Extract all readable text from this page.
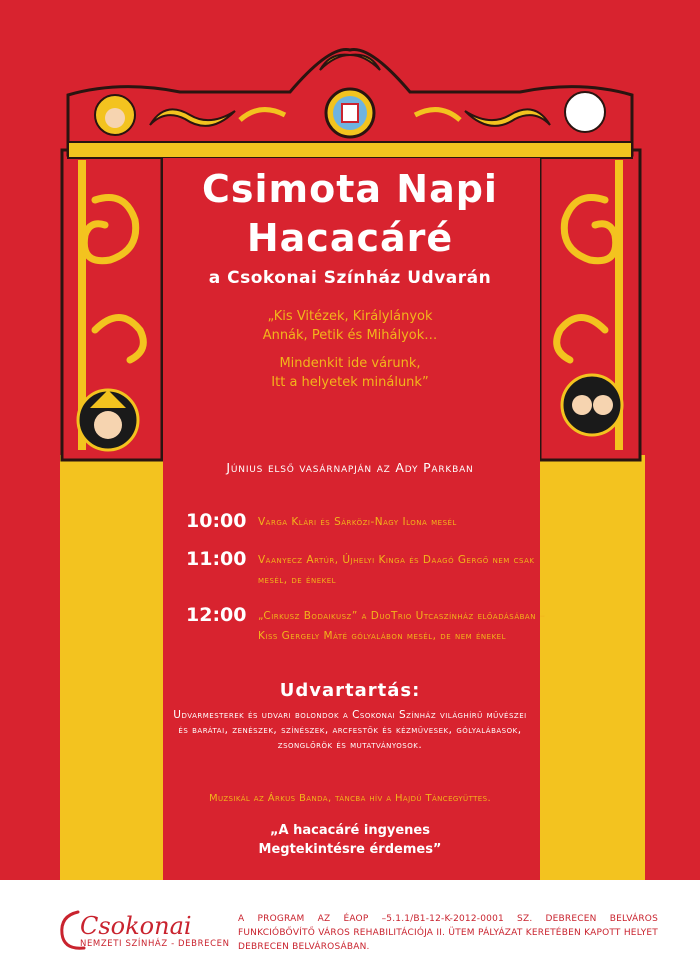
Csimota Napi
Hacacáré
a Csokonai Színház Udvarán
„Kis Vitézek, Királylányok
Annák, Petik és Mihályok…
Mindenkit ide várunk,
Itt a helyetek minálunk”
Június első vasárnapján az Ady Parkban
10:00 Varga Klári és Sárközi-Nagy Ilona mesél
11:00 Vaanyecz Artúr, Újhelyi Kinga és Daagó Gergő nem csak mesél, de énekel
12:00 „Cirkusz Bodaikusz” a DuoTrio Utcaszínház előadásában – Kiss Gergely Máté gólyalábon mesél, de nem énekel
Udvartartás:
Udvarmesterek és udvari bolondok a Csokonai Színház világhírű művészei és barátai, zenészek, színészek, arcfestők és kézművesek, gólyalábasok, zsonglőrök és mutatványosok.
Muzsikál az Árkus Banda, táncba hív a Hajdú Táncegyüttes.
„A hacacáré ingyenes
Megtekintésre érdemes”
Csokonai
NEMZETI SZÍNHÁZ - DEBRECEN
A PROGRAM AZ ÉAOP –5.1.1/B1-12-K-2012-0001 SZ. DEBRECEN BELVÁROS FUNKCIÓBŐVÍTŐ VÁROS REHABILITÁCIÓJA II. ÜTEM PÁLYÁZAT KERETÉBEN KAPOTT HELYET DEBRECEN BELVÁROSÁBAN.
